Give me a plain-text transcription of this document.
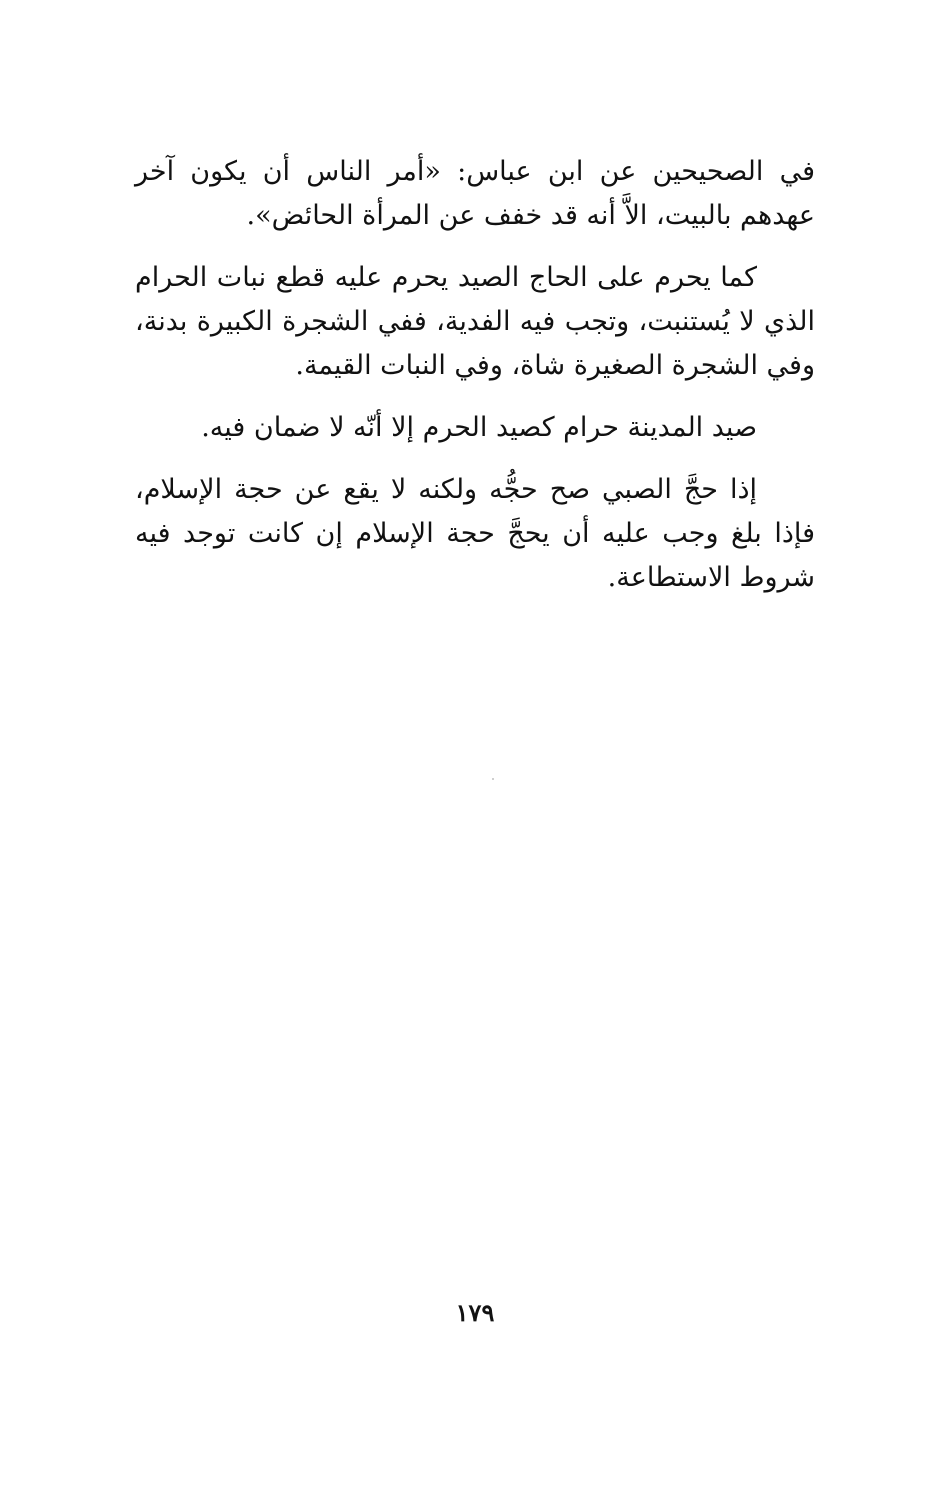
في الصحيحين عن ابن عباس: «أمر الناس أن يكون آخر عهدهم بالبيت، الاَّ أنه قد خفف عن المرأة الحائض».

كما يحرم على الحاج الصيد يحرم عليه قطع نبات الحرام الذي لا يُستنبت، وتجب فيه الفدية، ففي الشجرة الكبيرة بدنة، وفي الشجرة الصغيرة شاة، وفي النبات القيمة.

صيد المدينة حرام كصيد الحرم إلا أنّه لا ضمان فيه.

إذا حجَّ الصبي صح حجُّه ولكنه لا يقع عن حجة الإسلام، فإذا بلغ وجب عليه أن يحجَّ حجة الإسلام إن كانت توجد فيه شروط الاستطاعة.

١٧٩
